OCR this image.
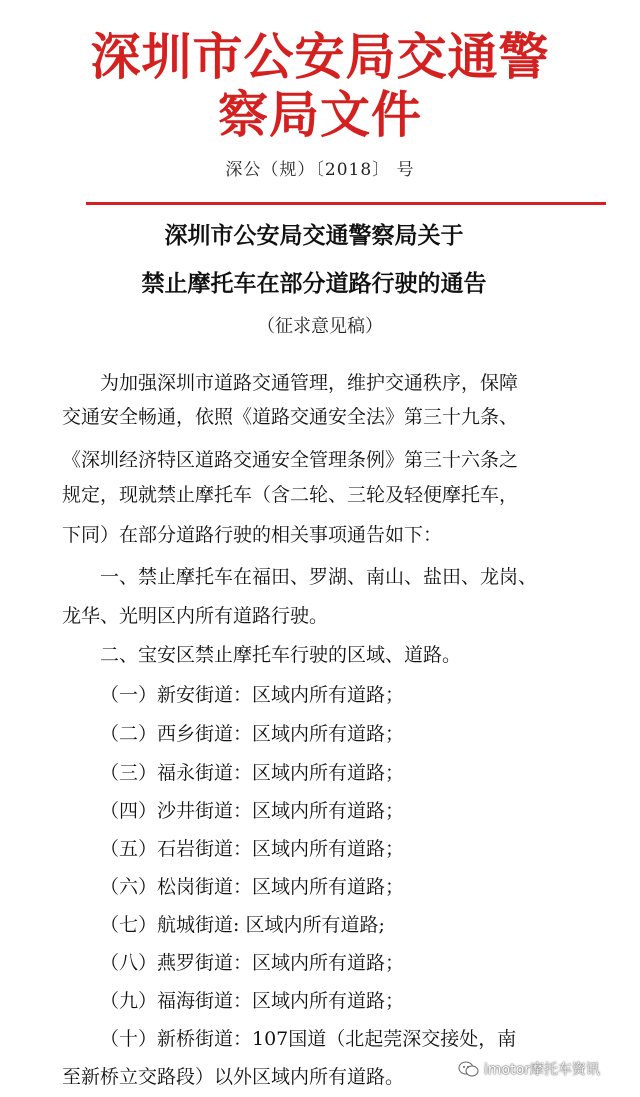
深圳市公安局交通警
察局文件
深公（规）〔2018〕 号
深圳市公安局交通警察局关于
禁止摩托车在部分道路行驶的通告
（征求意见稿）
为加强深圳市道路交通管理，维护交通秩序，保障
交通安全畅通，依照《道路交通安全法》第三十九条、
《深圳经济特区道路交通安全管理条例》第三十六条之
规定，现就禁止摩托车（含二轮、三轮及轻便摩托车，
下同）在部分道路行驶的相关事项通告如下：
一、禁止摩托车在福田、罗湖、南山、盐田、龙岗、
龙华、光明区内所有道路行驶。
二、宝安区禁止摩托车行驶的区域、道路。
（一）新安街道：区域内所有道路；
（二）西乡街道：区域内所有道路；
（三）福永街道：区域内所有道路；
（四）沙井街道：区域内所有道路；
（五）石岩街道：区域内所有道路；
（六）松岗街道：区域内所有道路；
（七）航城街道: 区域内所有道路;
（八）燕罗街道：区域内所有道路；
（九）福海街道：区域内所有道路；
（十）新桥街道：107国道（北起莞深交接处，南
至新桥立交路段）以外区域内所有道路。	imotor摩托车资讯
